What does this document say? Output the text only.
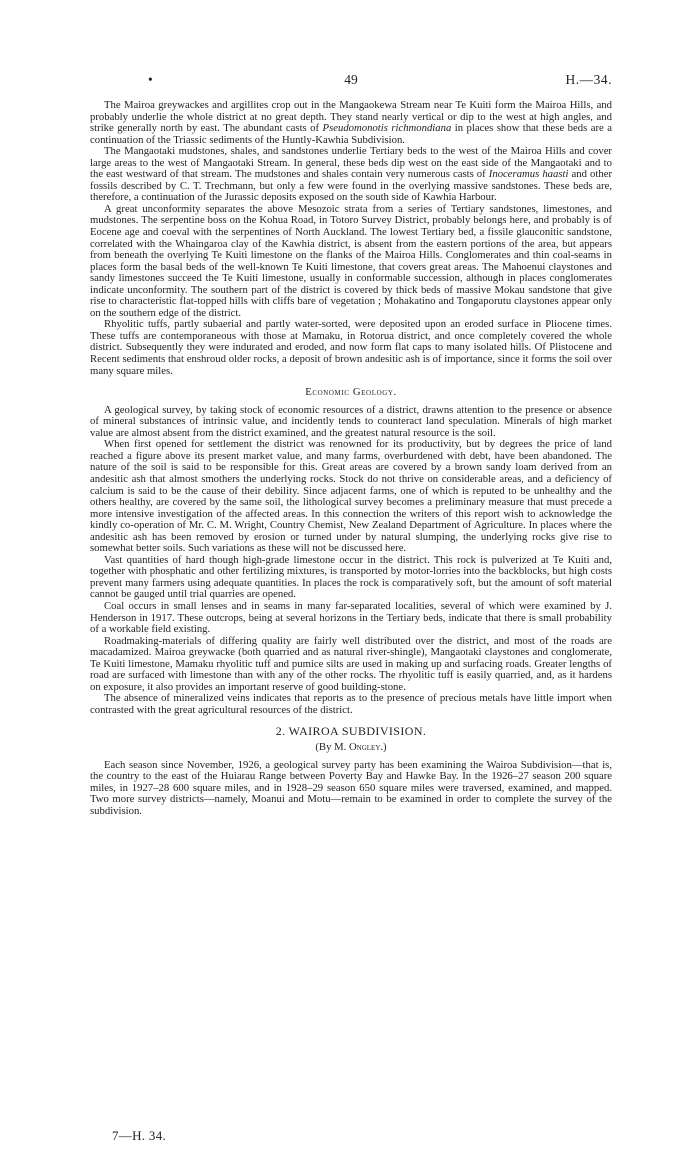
•	49	H.—34.

The Mairoa greywackes and argillites crop out in the Mangaokewa Stream near Te Kuiti form the Mairoa Hills, and probably underlie the whole district at no great depth. They stand nearly vertical or dip to the west at high angles, and strike generally north by east. The abundant casts of Pseudomonotis richmondiana in places show that these beds are a continuation of the Triassic sediments of the Huntly-Kawhia Subdivision.

The Mangaotaki mudstones, shales, and sandstones underlie Tertiary beds to the west of the Mairoa Hills and cover large areas to the west of Mangaotaki Stream. In general, these beds dip west on the east side of the Mangaotaki and to the east westward of that stream. The mudstones and shales contain very numerous casts of Inoceramus haasti and other fossils described by C. T. Trechmann, but only a few were found in the overlying massive sandstones. These beds are, therefore, a continuation of the Jurassic deposits exposed on the south side of Kawhia Harbour.

A great unconformity separates the above Mesozoic strata from a series of Tertiary sandstones, limestones, and mudstones. The serpentine boss on the Kohua Road, in Totoro Survey District, probably belongs here, and probably is of Eocene age and coeval with the serpentines of North Auckland. The lowest Tertiary bed, a fissile glauconitic sandstone, correlated with the Whaingaroa clay of the Kawhia district, is absent from the eastern portions of the area, but appears from beneath the overlying Te Kuiti limestone on the flanks of the Mairoa Hills. Conglomerates and thin coal-seams in places form the basal beds of the well-known Te Kuiti limestone, that covers great areas. The Mahoenui claystones and sandy limestones succeed the Te Kuiti limestone, usually in conformable succession, although in places conglomerates indicate unconformity. The southern part of the district is covered by thick beds of massive Mokau sandstone that give rise to characteristic flat-topped hills with cliffs bare of vegetation ; Mohakatino and Tongaporutu claystones appear only on the southern edge of the district.

Rhyolitic tuffs, partly subaerial and partly water-sorted, were deposited upon an eroded surface in Pliocene times. These tuffs are contemporaneous with those at Mamaku, in Rotorua district, and once completely covered the whole district. Subsequently they were indurated and eroded, and now form flat caps to many isolated hills. Of Plistocene and Recent sediments that enshroud older rocks, a deposit of brown andesitic ash is of importance, since it forms the soil over many square miles.

Economic Geology.

A geological survey, by taking stock of economic resources of a district, drawns attention to the presence or absence of mineral substances of intrinsic value, and incidently tends to counteract land speculation. Minerals of high market value are almost absent from the district examined, and the greatest natural resource is the soil.

When first opened for settlement the district was renowned for its productivity, but by degrees the price of land reached a figure above its present market value, and many farms, overburdened with debt, have been abandoned. The nature of the soil is said to be responsible for this. Great areas are covered by a brown sandy loam derived from an andesitic ash that almost smothers the underlying rocks. Stock do not thrive on considerable areas, and a deficiency of calcium is said to be the cause of their debility. Since adjacent farms, one of which is reputed to be unhealthy and the others healthy, are covered by the same soil, the lithological survey becomes a preliminary measure that must precede a more intensive investigation of the affected areas. In this connection the writers of this report wish to acknowledge the kindly co-operation of Mr. C. M. Wright, Country Chemist, New Zealand Department of Agriculture. In places where the andesitic ash has been removed by erosion or turned under by natural slumping, the underlying rocks give rise to somewhat better soils. Such variations as these will not be discussed here.

Vast quantities of hard though high-grade limestone occur in the district. This rock is pulverized at Te Kuiti and, together with phosphatic and other fertilizing mixtures, is transported by motor-lorries into the backblocks, but high costs prevent many farmers using adequate quantities. In places the rock is comparatively soft, but the amount of soft material cannot be gauged until trial quarries are opened.

Coal occurs in small lenses and in seams in many far-separated localities, several of which were examined by J. Henderson in 1917. These outcrops, being at several horizons in the Tertiary beds, indicate that there is small probability of a workable field existing.

Roadmaking-materials of differing quality are fairly well distributed over the district, and most of the roads are macadamized. Mairoa greywacke (both quarried and as natural river-shingle), Mangaotaki claystones and conglomerate, Te Kuiti limestone, Mamaku rhyolitic tuff and pumice silts are used in making up and surfacing roads. Greater lengths of road are surfaced with limestone than with any of the other rocks. The rhyolitic tuff is easily quarried, and, as it hardens on exposure, it also provides an important reserve of good building-stone.

The absence of mineralized veins indicates that reports as to the presence of precious metals have little import when contrasted with the great agricultural resources of the district.

2. WAIROA SUBDIVISION.
(By M. Ongley.)

Each season since November, 1926, a geological survey party has been examining the Wairoa Subdivision—that is, the country to the east of the Huiarau Range between Poverty Bay and Hawke Bay. In the 1926–27 season 200 square miles, in 1927–28 600 square miles, and in 1928–29 season 650 square miles were traversed, examined, and mapped. Two more survey districts—namely, Moanui and Motu—remain to be examined in order to complete the survey of the subdivision.

7—H. 34.
